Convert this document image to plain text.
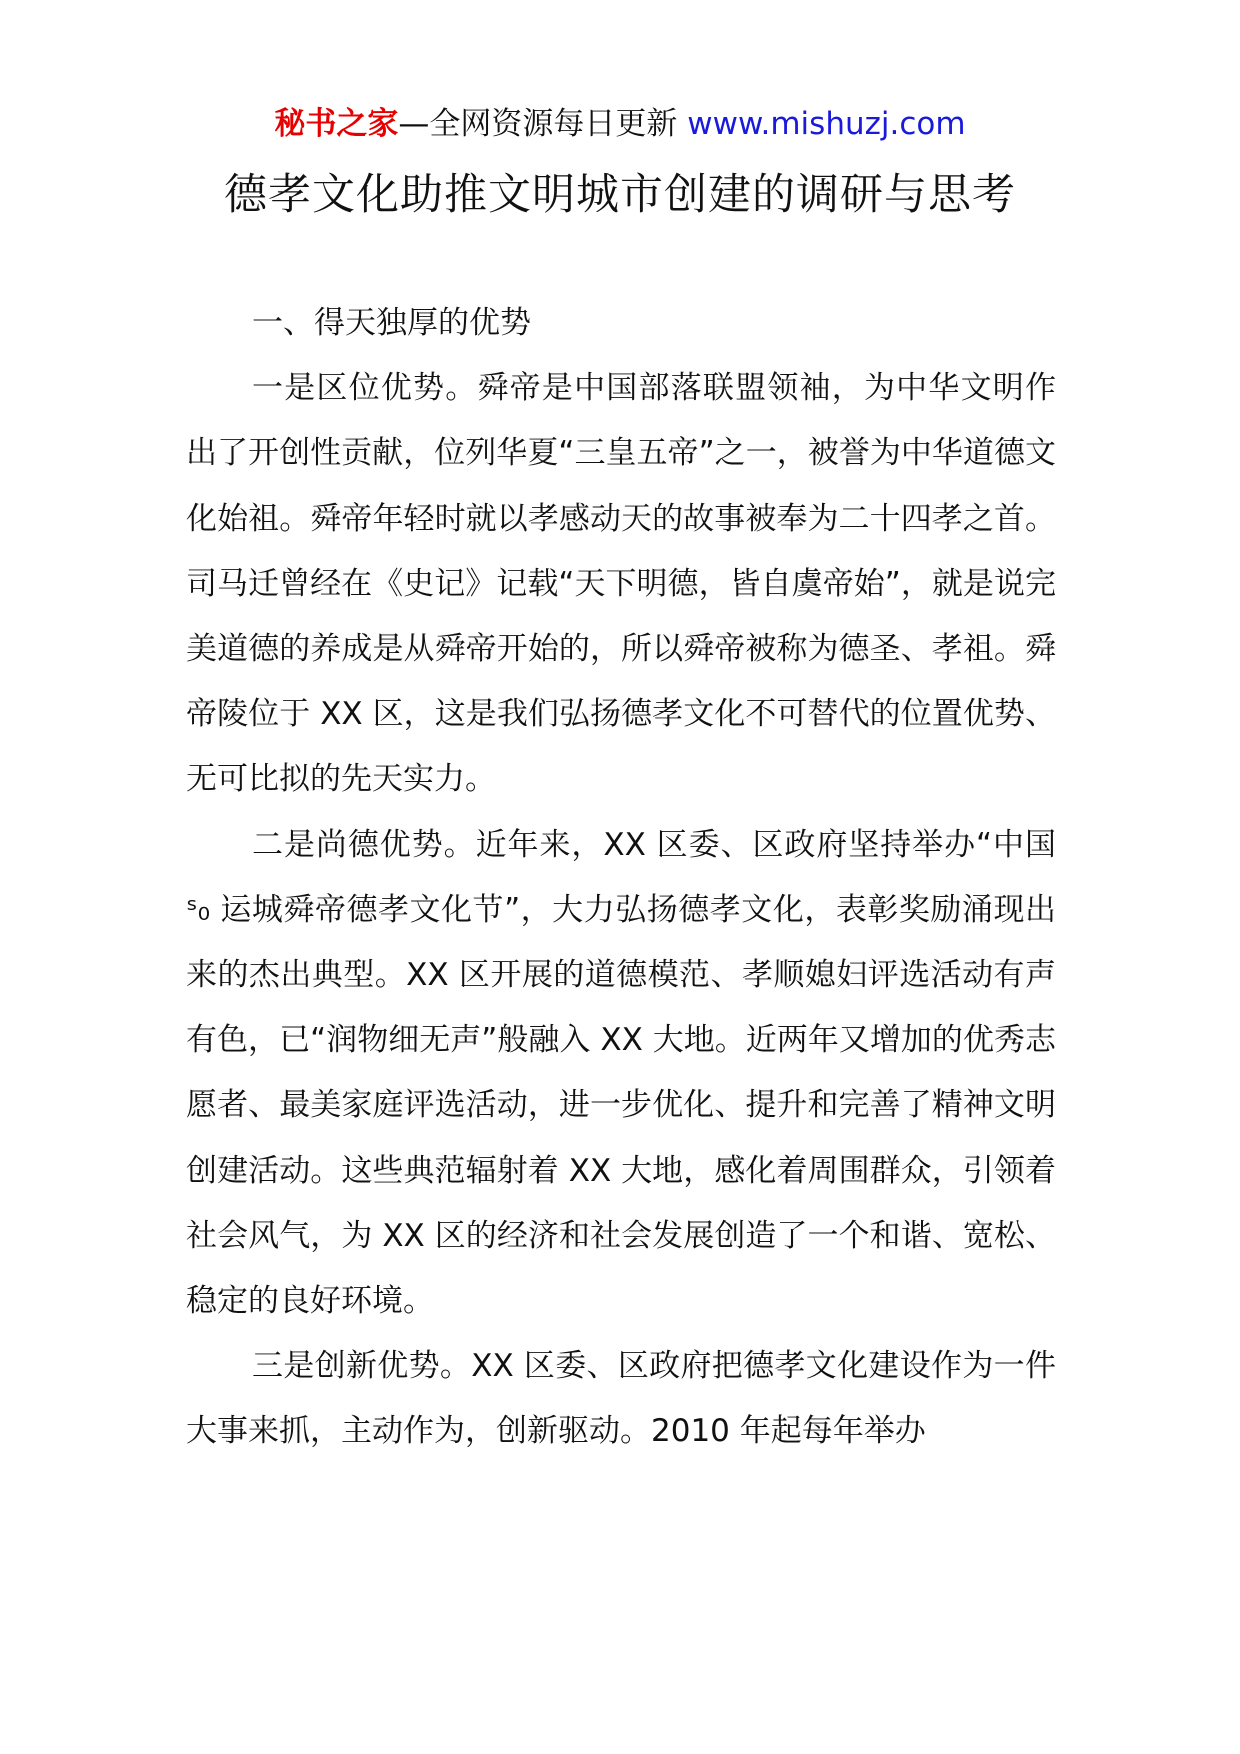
秘书之家—全网资源每日更新 www.mishuzj.com
德孝文化助推文明城市创建的调研与思考

一、得天独厚的优势

一是区位优势。舜帝是中国部落联盟领袖，为中华文明作出了开创性贡献，位列华夏“三皇五帝”之一，被誉为中华道德文化始祖。舜帝年轻时就以孝感动天的故事被奉为二十四孝之首。司马迁曾经在《史记》记载“天下明德，皆自虞帝始”，就是说完美道德的养成是从舜帝开始的，所以舜帝被称为德圣、孝祖。舜帝陵位于 XX 区，这是我们弘扬德孝文化不可替代的位置优势、无可比拟的先天实力。

二是尚德优势。近年来，XX 区委、区政府坚持举办“中国 ˢ₀ 运城舜帝德孝文化节”，大力弘扬德孝文化，表彰奖励涌现出来的杰出典型。XX 区开展的道德模范、孝顺媳妇评选活动有声有色，已“润物细无声”般融入 XX 大地。近两年又增加的优秀志愿者、最美家庭评选活动，进一步优化、提升和完善了精神文明创建活动。这些典范辐射着 XX 大地，感化着周围群众，引领着社会风气，为 XX 区的经济和社会发展创造了一个和谐、宽松、稳定的良好环境。

三是创新优势。XX 区委、区政府把德孝文化建设作为一件大事来抓，主动作为，创新驱动。2010 年起每年举办
